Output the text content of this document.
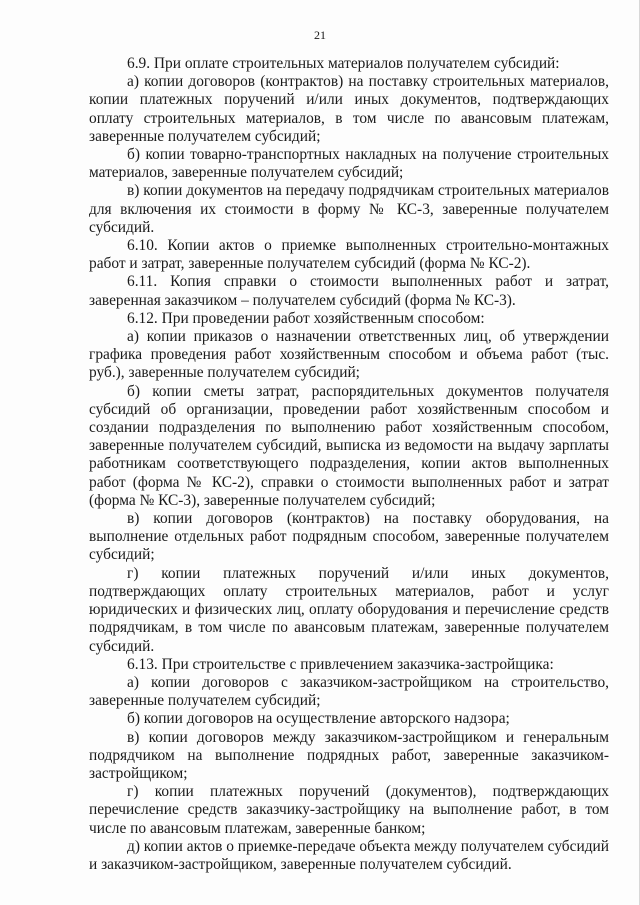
21

6.9. При оплате строительных материалов получателем субсидий:

а) копии договоров (контрактов) на поставку строительных материалов, копии платежных поручений и/или иных документов, подтверждающих оплату строительных материалов, в том числе по авансовым платежам, заверенные получателем субсидий;

б) копии товарно-транспортных накладных на получение строительных материалов, заверенные получателем субсидий;

в) копии документов на передачу подрядчикам строительных материалов для включения их стоимости в форму № КС-3, заверенные получателем субсидий.

6.10. Копии актов о приемке выполненных строительно-монтажных работ и затрат, заверенные получателем субсидий (форма № КС-2).

6.11. Копия справки о стоимости выполненных работ и затрат, заверенная заказчиком – получателем субсидий (форма № КС-3).

6.12. При проведении работ хозяйственным способом:

а) копии приказов о назначении ответственных лиц, об утверждении графика проведения работ хозяйственным способом и объема работ (тыс. руб.), заверенные получателем субсидий;

б) копии сметы затрат, распорядительных документов получателя субсидий об организации, проведении работ хозяйственным способом и создании подразделения по выполнению работ хозяйственным способом, заверенные получателем субсидий, выписка из ведомости на выдачу зарплаты работникам соответствующего подразделения, копии актов выполненных работ (форма № КС-2), справки о стоимости выполненных работ и затрат (форма № КС-3), заверенные получателем субсидий;

в) копии договоров (контрактов) на поставку оборудования, на выполнение отдельных работ подрядным способом, заверенные получателем субсидий;

г) копии платежных поручений и/или иных документов, подтверждающих оплату строительных материалов, работ и услуг юридических и физических лиц, оплату оборудования и перечисление средств подрядчикам, в том числе по авансовым платежам, заверенные получателем субсидий.

6.13. При строительстве с привлечением заказчика-застройщика:

а) копии договоров с заказчиком-застройщиком на строительство, заверенные получателем субсидий;

б) копии договоров на осуществление авторского надзора;

в) копии договоров между заказчиком-застройщиком и генеральным подрядчиком на выполнение подрядных работ, заверенные заказчиком-застройщиком;

г) копии платежных поручений (документов), подтверждающих перечисление средств заказчику-застройщику на выполнение работ, в том числе по авансовым платежам, заверенные банком;

д) копии актов о приемке-передаче объекта между получателем субсидий и заказчиком-застройщиком, заверенные получателем субсидий.
